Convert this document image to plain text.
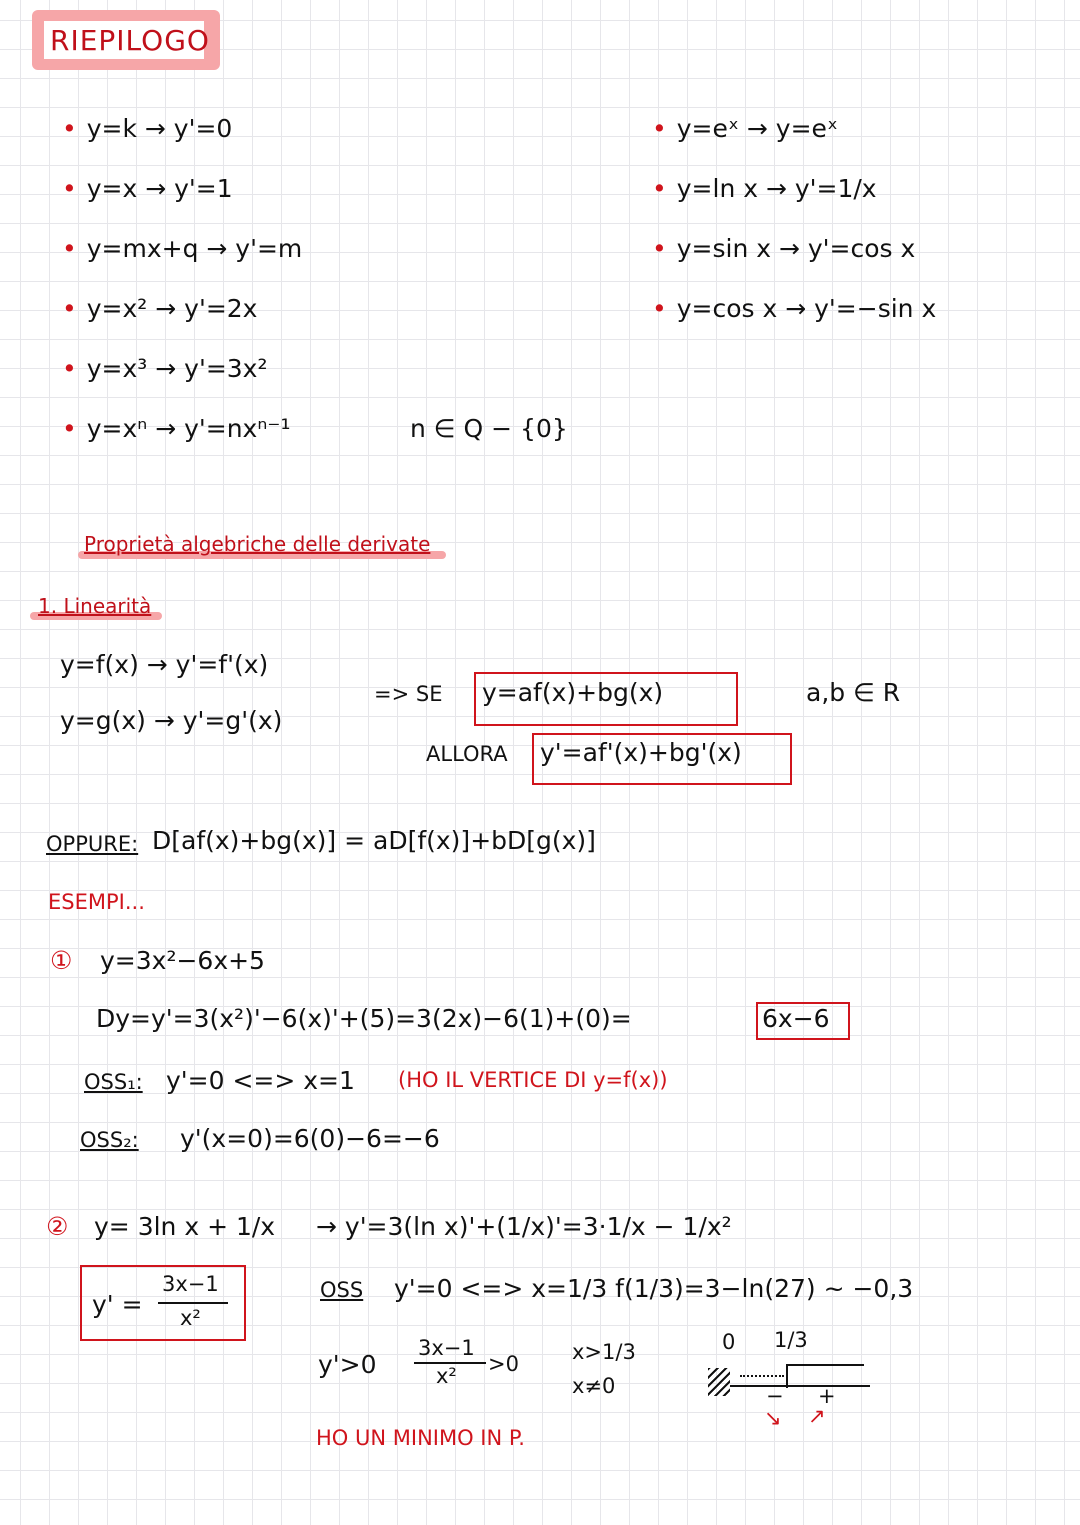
RIEPILOGO
• y=k → y'=0
• y=x → y'=1
• y=mx+q → y'=m
• y=x² → y'=2x
• y=x³ → y'=3x²
• y=xⁿ → y'=nxⁿ⁻¹	n ∈ Q − {0}
• y=eˣ → y=eˣ
• y=ln x → y'=1/x
• y=sin x → y'=cos x
• y=cos x → y'=−sin x
Proprietà algebriche delle derivate
1. Linearità
y=f(x) → y'=f'(x)
y=g(x) → y'=g'(x)
=> SE y=af(x)+bg(x)	a,b ∈ R
ALLORA y'=af'(x)+bg'(x)
OPPURE: D[af(x)+bg(x)] = aD[f(x)]+bD[g(x)]
ESEMPI...
① y=3x²−6x+5
Dy=y'=3(x²)'−6(x)'+(5)=3(2x)−6(1)+(0)=	6x−6
OSS₁: y'=0 <=> x=1 (HO IL VERTICE DI y=f(x))
OSS₂: y'(x=0)=6(0)−6=−6
② y= 3ln x + 1/x → y'=3(ln x)'+(1/x)'=3·1/x − 1/x²
y' =
3x−1
x²
OSS y'=0 <=> x=1/3 f(1/3)=3−ln(27) ~ −0,3
y'>0
3x−1
x² >0	x>1/3
x≠0
0 1/3
− +
↘ ↗
HO UN MINIMO IN P.
